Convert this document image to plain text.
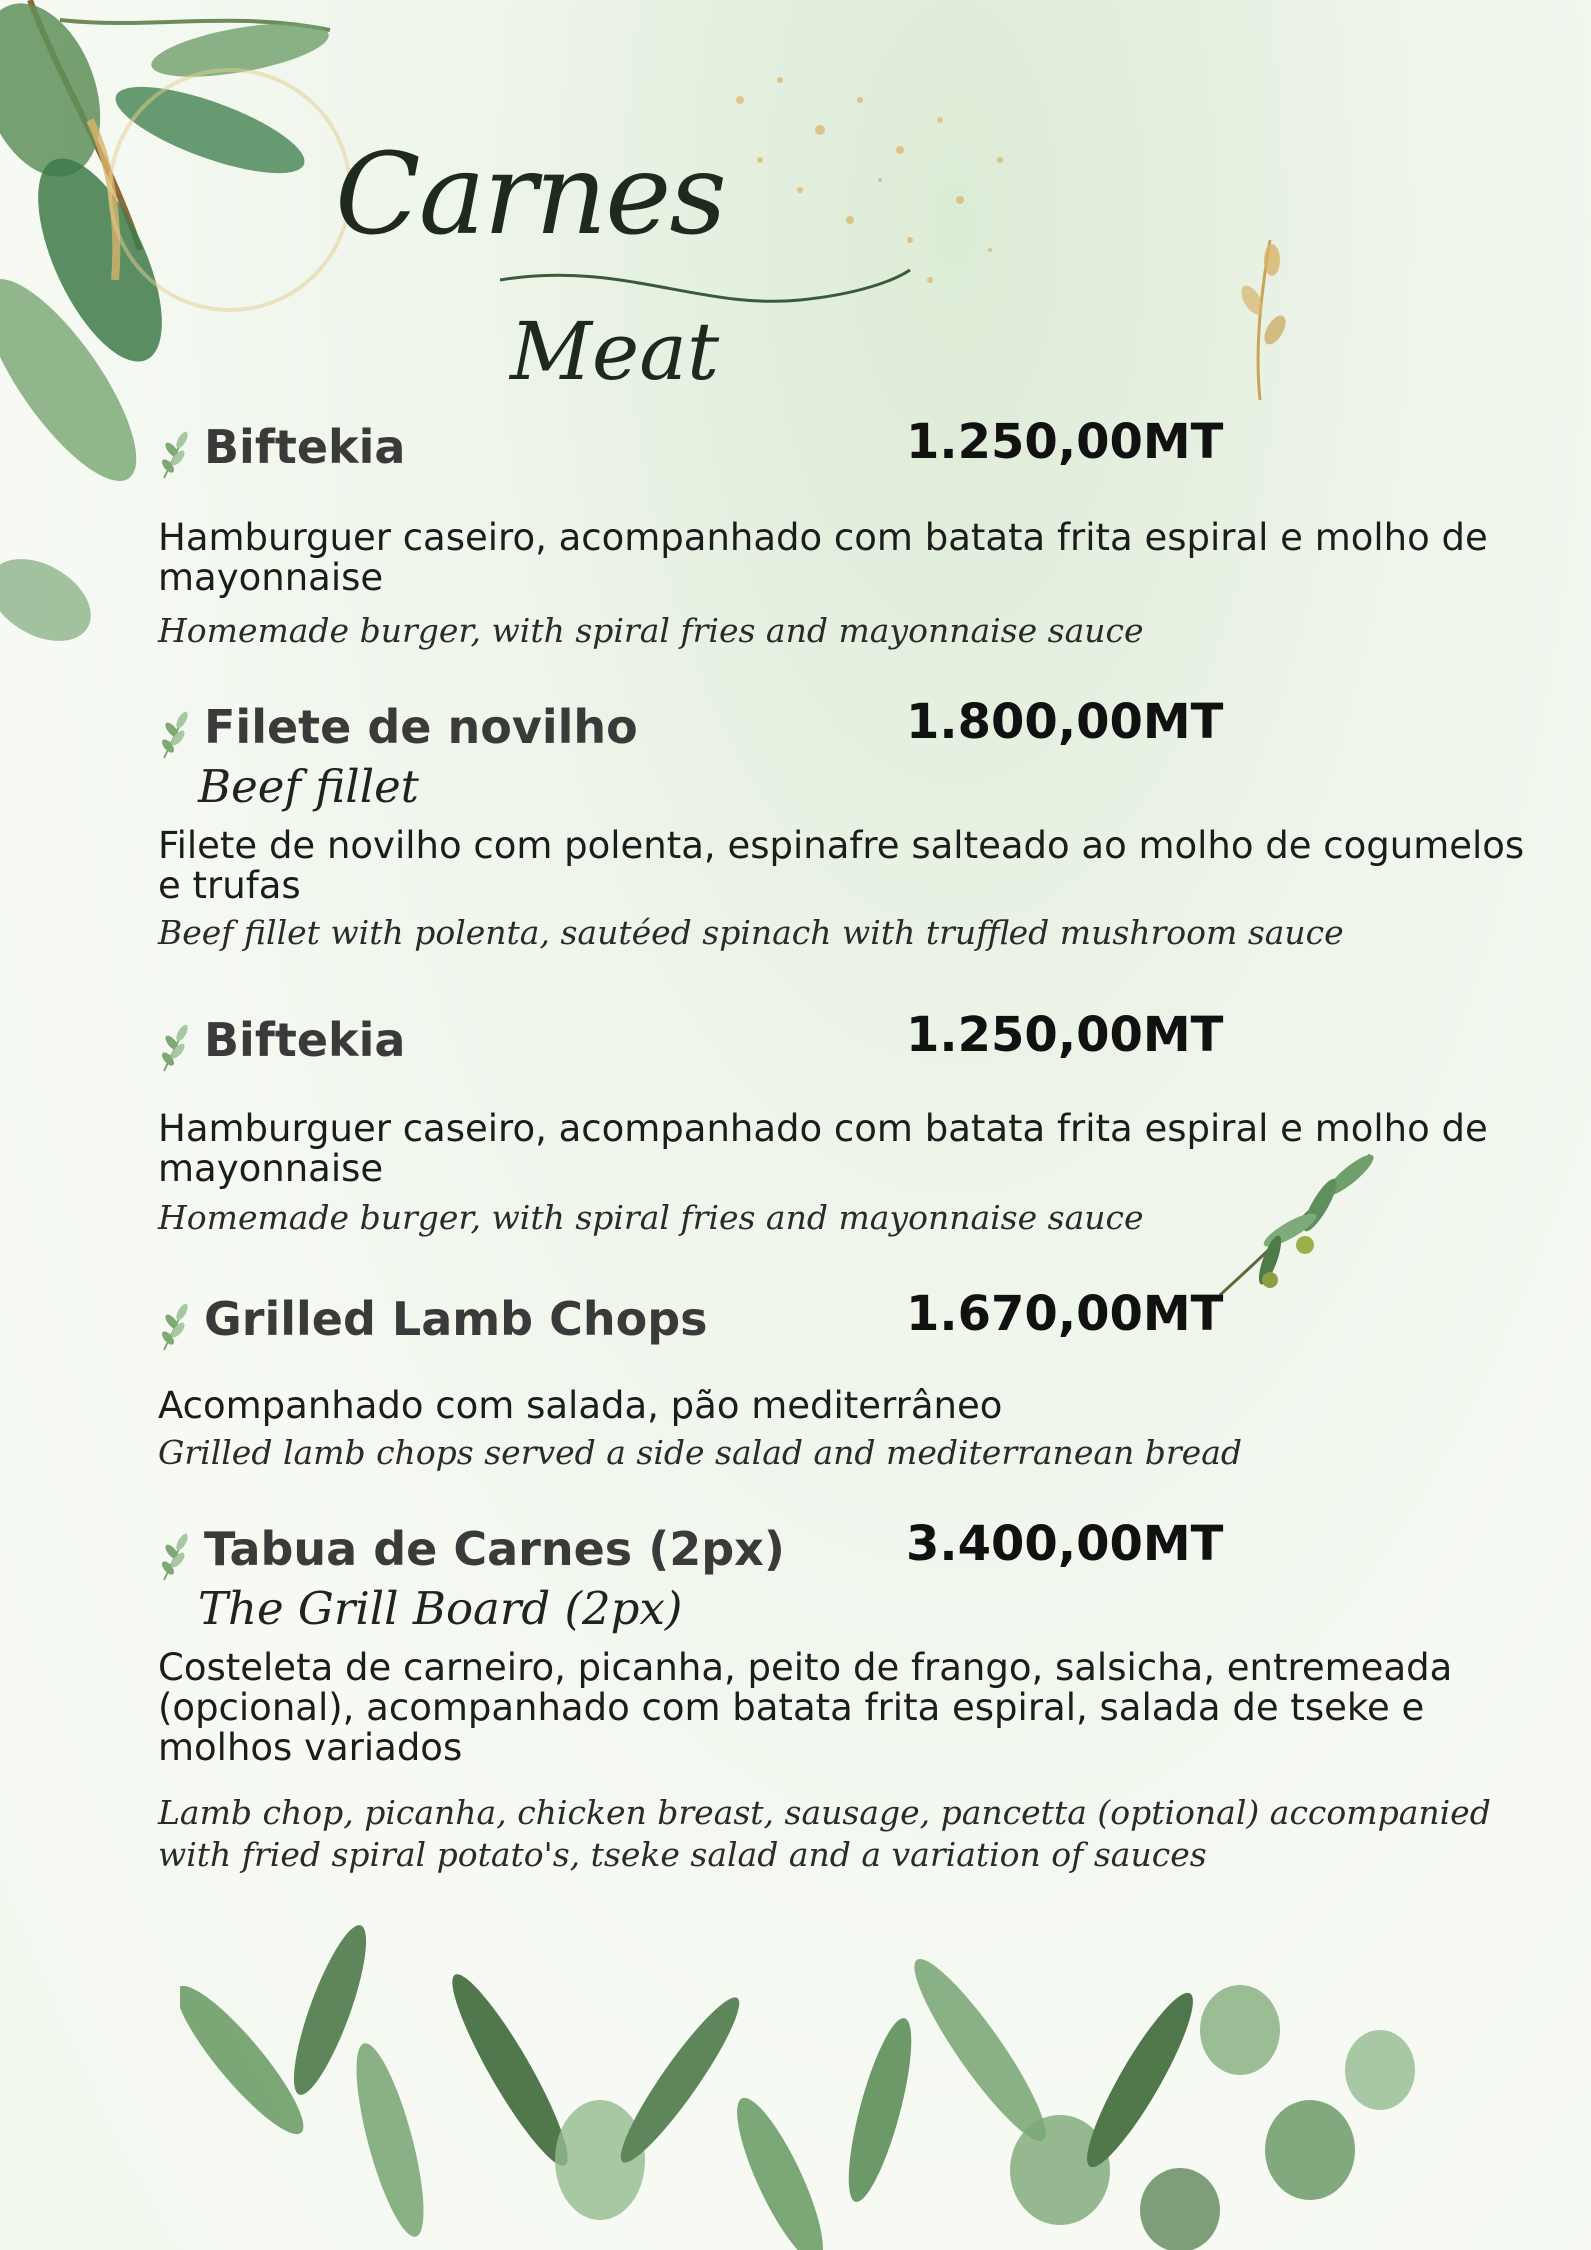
Carnes
Meat
Biftekia	1.250,00MT

Hamburguer caseiro, acompanhado com batata frita espiral e molho de mayonnaise

Homemade burger, with spiral fries and mayonnaise sauce

Filete de novilho	1.800,00MT

Beef fillet

Filete de novilho com polenta, espinafre salteado ao molho de cogumelos e trufas

Beef fillet with polenta, sautéed spinach with truffled mushroom sauce

Biftekia	1.250,00MT

Hamburguer caseiro, acompanhado com batata frita espiral e molho de mayonnaise

Homemade burger, with spiral fries and mayonnaise sauce

Grilled Lamb Chops	1.670,00MT

Acompanhado com salada, pão mediterrâneo

Grilled lamb chops served a side salad and mediterranean bread

Tabua de Carnes (2px)	3.400,00MT

The Grill Board (2px)

Costeleta de carneiro, picanha, peito de frango, salsicha, entremeada (opcional), acompanhado com batata frita espiral, salada de tseke e molhos variados

Lamb chop, picanha, chicken breast, sausage, pancetta (optional) accompanied with fried spiral potato's, tseke salad and a variation of sauces
